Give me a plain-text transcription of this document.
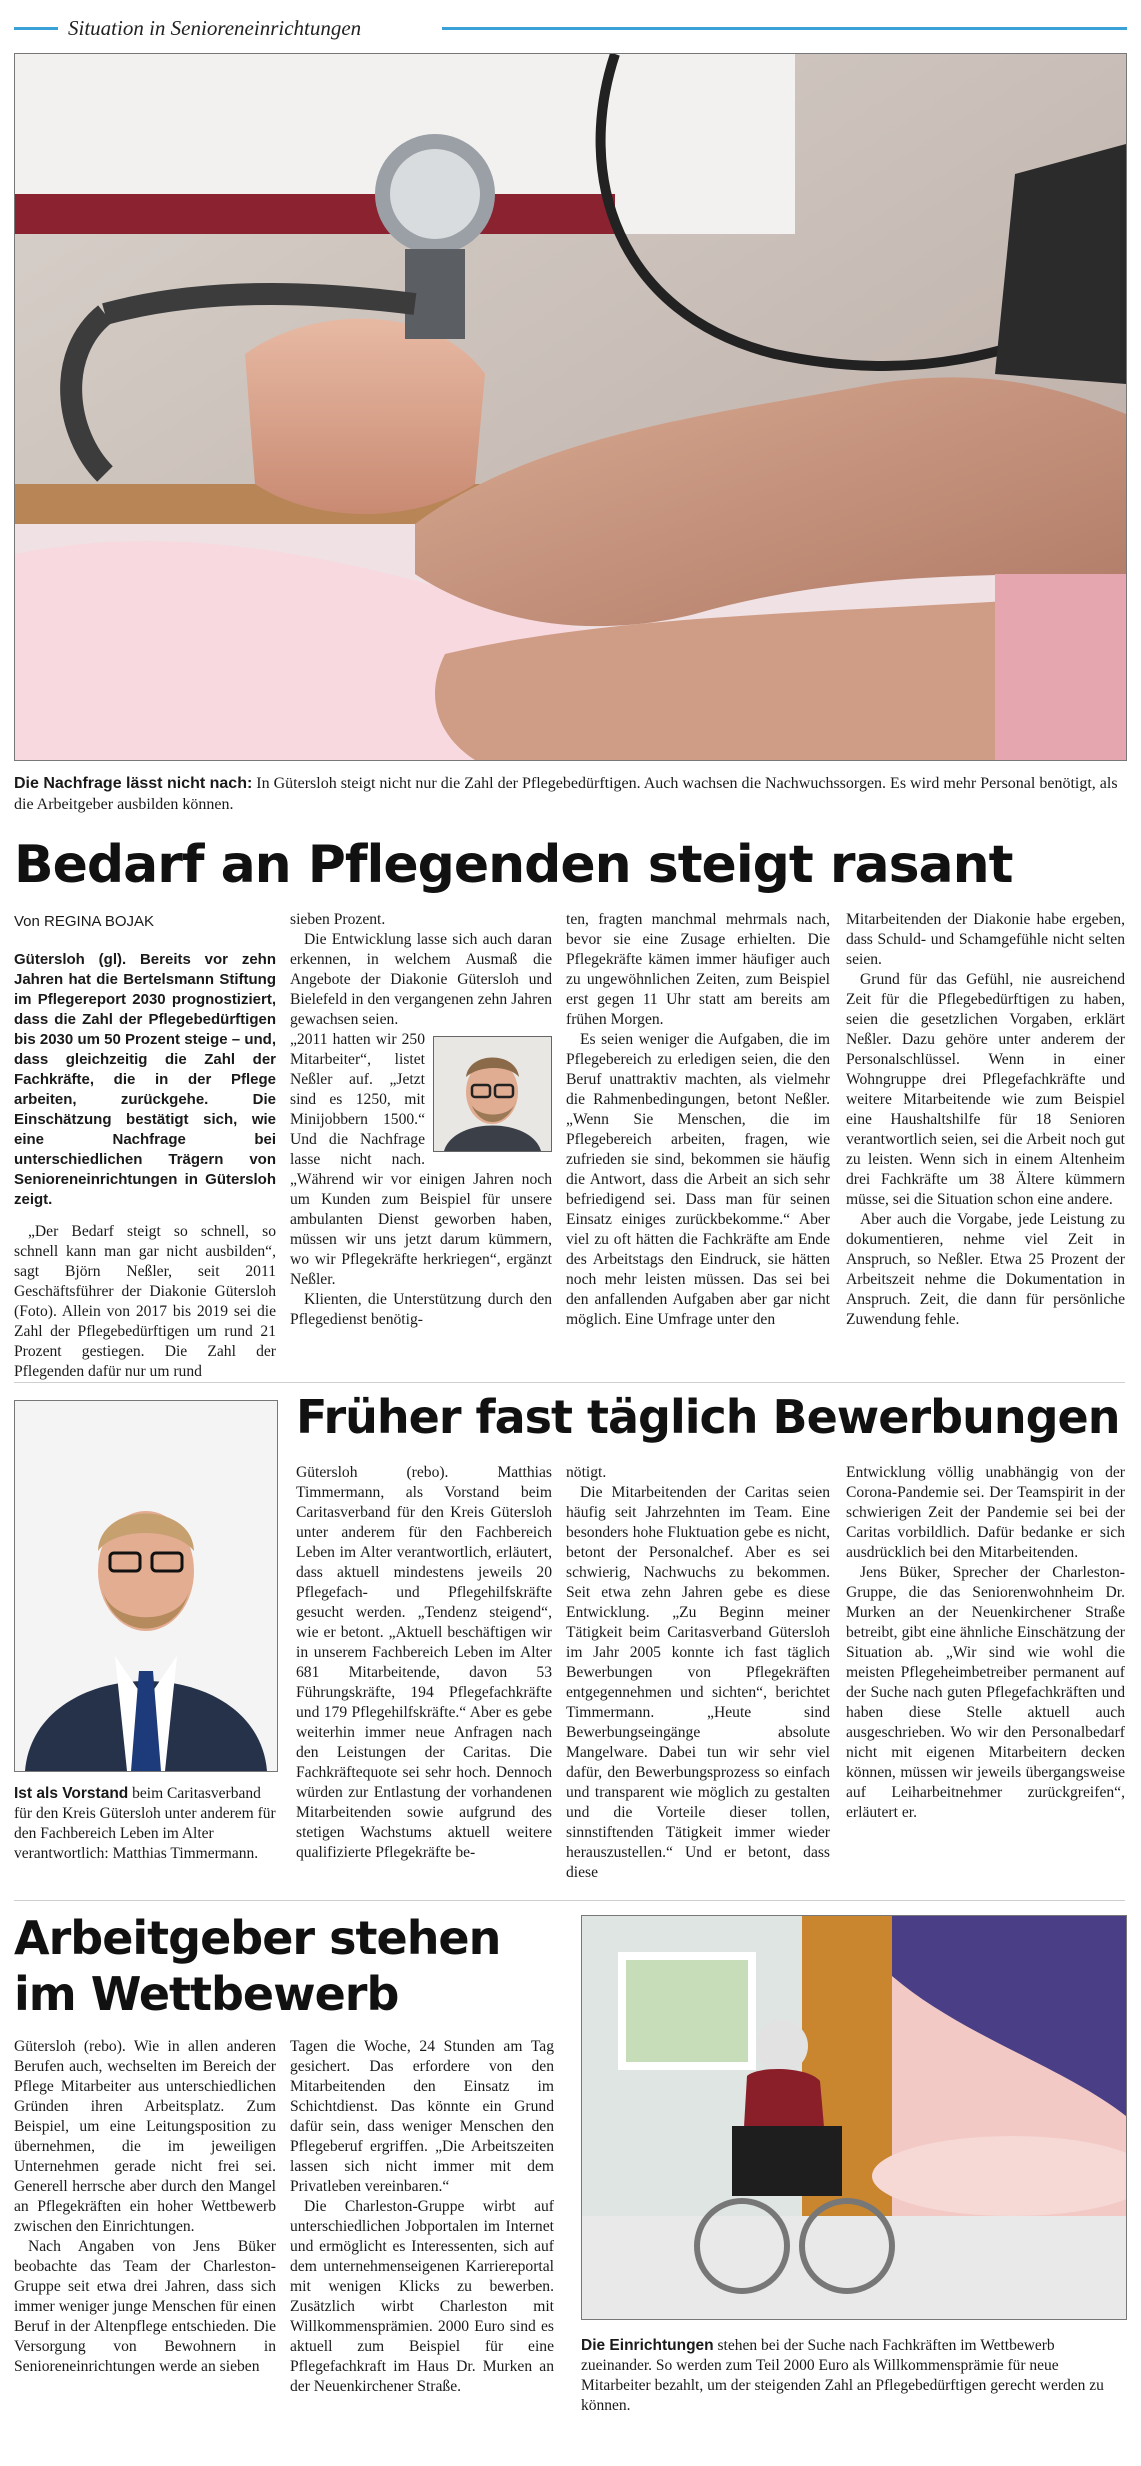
Situation in Senioreneinrichtungen
Die Nachfrage lässt nicht nach: In Gütersloh steigt nicht nur die Zahl der Pflegebedürftigen. Auch wachsen die Nachwuchssorgen. Es wird mehr Personal benötigt, als die Arbeitgeber ausbilden können.
Bedarf an Pflegenden steigt rasant
Von REGINA BOJAK
Gütersloh (gl). Bereits vor zehn Jahren hat die Bertelsmann Stiftung im Pflegereport 2030 prognostiziert, dass die Zahl der Pflegebedürftigen bis 2030 um 50 Prozent steige – und, dass gleichzeitig die Zahl der Fachkräfte, die in der Pflege arbeiten, zurückgehe. Die Einschätzung bestätigt sich, wie eine Nachfrage bei unterschiedlichen Trägern von Senioreneinrichtungen in Gütersloh zeigt.

„Der Bedarf steigt so schnell, so schnell kann man gar nicht ausbilden“, sagt Björn Neßler, seit 2011 Geschäftsführer der Diakonie Gütersloh (Foto). Allein von 2017 bis 2019 sei die Zahl der Pflegebedürftigen um rund 21 Prozent gestiegen. Die Zahl der Pflegenden dafür nur um rund

sieben Prozent.

Die Entwicklung lasse sich auch daran erkennen, in welchem Ausmaß die Angebote der Diakonie Gütersloh und Bielefeld in den vergangenen zehn Jahren gewachsen seien.

„2011 hatten wir 250 Mitarbeiter“, listet Neßler auf. „Jetzt sind es 1250, mit Minijobbern 1500.“ Und die Nachfrage lasse nicht nach. „Während wir vor einigen Jahren noch um Kunden zum Beispiel für unsere ambulanten Dienst geworben haben, müssen wir uns jetzt darum kümmern, wo wir Pflegekräfte herkriegen“, ergänzt Neßler.

Klienten, die Unterstützung durch den Pflegedienst benötig-

ten, fragten manchmal mehrmals nach, bevor sie eine Zusage erhielten. Die Pflegekräfte kämen immer häufiger auch zu ungewöhnlichen Zeiten, zum Beispiel erst gegen 11 Uhr statt am bereits am frühen Morgen.

Es seien weniger die Aufgaben, die im Pflegebereich zu erledigen seien, die den Beruf unattraktiv machten, als vielmehr die Rahmenbedingungen, betont Neßler. „Wenn Sie Menschen, die im Pflegebereich arbeiten, fragen, wie zufrieden sie sind, bekommen sie häufig die Antwort, dass die Arbeit an sich sehr befriedigend sei. Dass man für seinen Einsatz einiges zurückbekomme.“ Aber viel zu oft hätten die Fachkräfte am Ende des Arbeitstags den Eindruck, sie hätten noch mehr leisten müssen. Das sei bei den anfallenden Aufgaben aber gar nicht möglich. Eine Umfrage unter den

Mitarbeitenden der Diakonie habe ergeben, dass Schuld- und Schamgefühle nicht selten seien.

Grund für das Gefühl, nie ausreichend Zeit für die Pflegebedürftigen zu haben, seien die gesetzlichen Vorgaben, erklärt Neßler. Dazu gehöre unter anderem der Personalschlüssel. Wenn in einer Wohngruppe drei Pflegefachkräfte und weitere Mitarbeitende wie zum Beispiel eine Haushaltshilfe für 18 Senioren verantwortlich seien, sei die Arbeit noch gut zu leisten. Wenn sich in einem Altenheim drei Fachkräfte um 38 Ältere kümmern müsse, sei die Situation schon eine andere.

Aber auch die Vorgabe, jede Leistung zu dokumentieren, nehme viel Zeit in Anspruch, so Neßler. Etwa 25 Prozent der Arbeitszeit nehme die Dokumentation in Anspruch. Zeit, die dann für persönliche Zuwendung fehle.

Ist als Vorstand beim Caritasverband für den Kreis Gütersloh unter anderem für den Fachbereich Leben im Alter verantwortlich: Matthias Timmermann.
Früher fast täglich Bewerbungen

Gütersloh (rebo). Matthias Timmermann, als Vorstand beim Caritasverband für den Kreis Gütersloh unter anderem für den Fachbereich Leben im Alter verantwortlich, erläutert, dass aktuell mindestens jeweils 20 Pflegefach- und Pflegehilfskräfte gesucht werden. „Tendenz steigend“, wie er betont. „Aktuell beschäftigen wir in unserem Fachbereich Leben im Alter 681 Mitarbeitende, davon 53 Führungskräfte, 194 Pflegefachkräfte und 179 Pflegehilfskräfte.“ Aber es gebe weiterhin immer neue Anfragen nach den Leistungen der Caritas. Die Fachkräftequote sei sehr hoch. Dennoch würden zur Entlastung der vorhandenen Mitarbeitenden sowie aufgrund des stetigen Wachstums aktuell weitere qualifizierte Pflegekräfte be-

nötigt.

Die Mitarbeitenden der Caritas seien häufig seit Jahrzehnten im Team. Eine besonders hohe Fluktuation gebe es nicht, betont der Personalchef. Aber es sei schwierig, Nachwuchs zu bekommen. Seit etwa zehn Jahren gebe es diese Entwicklung. „Zu Beginn meiner Tätigkeit beim Caritasverband Gütersloh im Jahr 2005 konnte ich fast täglich Bewerbungen von Pflegekräften entgegennehmen und sichten“, berichtet Timmermann. „Heute sind Bewerbungseingänge absolute Mangelware. Dabei tun wir sehr viel dafür, den Bewerbungsprozess so einfach und transparent wie möglich zu gestalten und die Vorteile dieser tollen, sinnstiftenden Tätigkeit immer wieder herauszustellen.“ Und er betont, dass diese

Entwicklung völlig unabhängig von der Corona-Pandemie sei. Der Teamspirit in der schwierigen Zeit der Pandemie sei bei der Caritas vorbildlich. Dafür bedanke er sich ausdrücklich bei den Mitarbeitenden.

Jens Büker, Sprecher der Charleston-Gruppe, die das Seniorenwohnheim Dr. Murken an der Neuenkirchener Straße betreibt, gibt eine ähnliche Einschätzung der Situation ab. „Wir sind wie wohl die meisten Pflegeheimbetreiber permanent auf der Suche nach guten Pflegefachkräften und haben diese Stelle aktuell auch ausgeschrieben. Wo wir den Personalbedarf nicht mit eigenen Mitarbeitern decken können, müssen wir jeweils übergangsweise auf Leiharbeitnehmer zurückgreifen“, erläutert er.

Arbeitgeber stehen
im Wettbewerb

Gütersloh (rebo). Wie in allen anderen Berufen auch, wechselten im Bereich der Pflege Mitarbeiter aus unterschiedlichen Gründen ihren Arbeitsplatz. Zum Beispiel, um eine Leitungsposition zu übernehmen, die im jeweiligen Unternehmen gerade nicht frei sei. Generell herrsche aber durch den Mangel an Pflegekräften ein hoher Wettbewerb zwischen den Einrichtungen.

Nach Angaben von Jens Büker beobachte das Team der Charleston-Gruppe seit etwa drei Jahren, dass sich immer weniger junge Menschen für einen Beruf in der Altenpflege entschieden. Die Versorgung von Bewohnern in Senioreneinrichtungen werde an sieben

Tagen die Woche, 24 Stunden am Tag gesichert. Das erfordere von den Mitarbeitenden den Einsatz im Schichtdienst. Das könnte ein Grund dafür sein, dass weniger Menschen den Pflegeberuf ergriffen. „Die Arbeitszeiten lassen sich nicht immer mit dem Privatleben vereinbaren.“

Die Charleston-Gruppe wirbt auf unterschiedlichen Jobportalen im Internet und ermöglicht es Interessenten, sich auf dem unternehmenseigenen Karriereportal mit wenigen Klicks zu bewerben. Zusätzlich wirbt Charleston mit Willkommensprämien. 2000 Euro sind es aktuell zum Beispiel für eine Pflegefachkraft im Haus Dr. Murken an der Neuenkirchener Straße.

Die Einrichtungen stehen bei der Suche nach Fachkräften im Wettbewerb zueinander. So werden zum Teil 2000 Euro als Willkommensprämie für neue Mitarbeiter bezahlt, um der steigenden Zahl an Pflegebedürftigen gerecht werden zu können.
